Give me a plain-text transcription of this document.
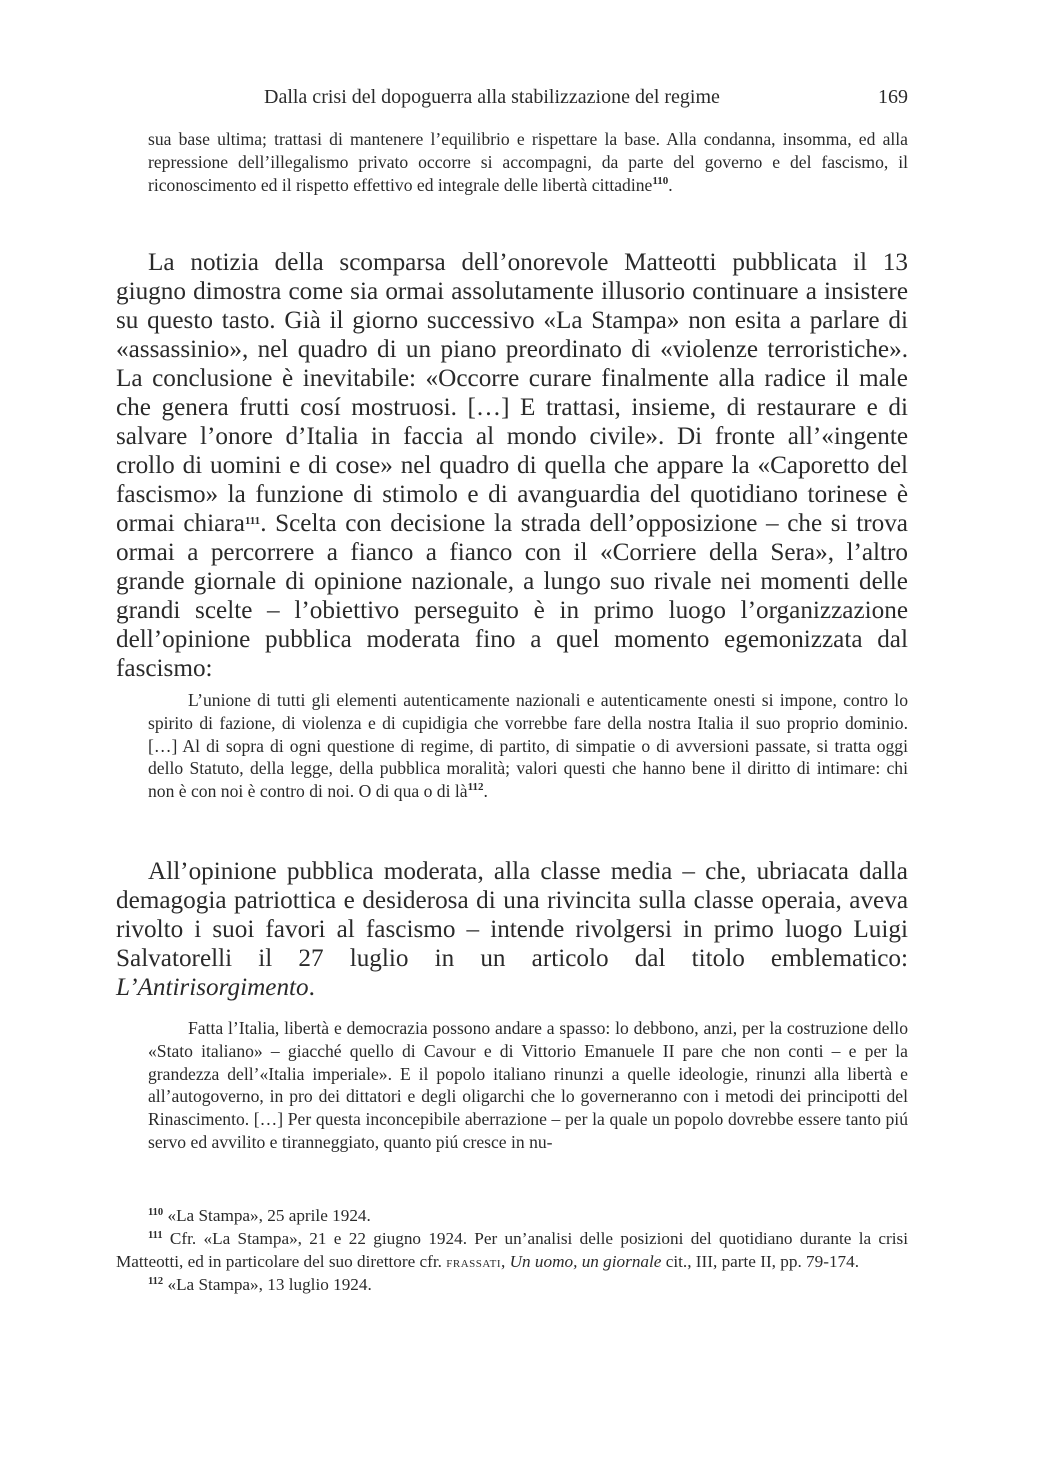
Dalla crisi del dopoguerra alla stabilizzazione del regime	169

sua base ultima; trattasi di mantenere l’equilibrio e rispettare la base. Alla condanna, insomma, ed alla repressione dell’illegalismo privato occorre si accompagni, da parte del governo e del fascismo, il riconoscimento ed il rispetto effettivo ed integrale delle libertà cittadine$^{110}$.

La notizia della scomparsa dell’onorevole Matteotti pubblicata il 13 giugno dimostra come sia ormai assolutamente illusorio continuare a insistere su questo tasto. Già il giorno successivo «La Stampa» non esita a parlare di «assassinio», nel quadro di un piano preordinato di «violenze terroristiche». La conclusione è inevitabile: «Occorre curare finalmente alla radice il male che genera frutti cosí mostruosi. […] E trattasi, insieme, di restaurare e di salvare l’onore d’Italia in faccia al mondo civile». Di fronte all’«ingente crollo di uomini e di cose» nel quadro di quella che appare la «Caporetto del fascismo» la funzione di stimolo e di avanguardia del quotidiano torinese è ormai chiara$^{111}$. Scelta con decisione la strada dell’opposizione – che si trova ormai a percorrere a fianco a fianco con il «Corriere della Sera», l’altro grande giornale di opinione nazionale, a lungo suo rivale nei momenti delle grandi scelte – l’obiettivo perseguito è in primo luogo l’organizzazione dell’opinione pubblica moderata fino a quel momento egemonizzata dal fascismo:

L’unione di tutti gli elementi autenticamente nazionali e autenticamente onesti si impone, contro lo spirito di fazione, di violenza e di cupidigia che vorrebbe fare della nostra Italia il suo proprio dominio. […] Al di sopra di ogni questione di regime, di partito, di simpatie o di avversioni passate, si tratta oggi dello Statuto, della legge, della pubblica moralità; valori questi che hanno bene il diritto di intimare: chi non è con noi è contro di noi. O di qua o di là$^{112}$.

All’opinione pubblica moderata, alla classe media – che, ubriacata dalla demagogia patriottica e desiderosa di una rivincita sulla classe operaia, aveva rivolto i suoi favori al fascismo – intende rivolgersi in primo luogo Luigi Salvatorelli il 27 luglio in un articolo dal titolo emblematico: L’Antirisorgimento.

Fatta l’Italia, libertà e democrazia possono andare a spasso: lo debbono, anzi, per la costruzione dello «Stato italiano» – giacché quello di Cavour e di Vittorio Emanuele II pare che non conti – e per la grandezza dell’«Italia imperiale». E il popolo italiano rinunzi a quelle ideologie, rinunzi alla libertà e all’autogoverno, in pro dei dittatori e degli oligarchi che lo governeranno con i metodi dei principotti del Rinascimento. […] Per questa inconcepibile aberrazione – per la quale un popolo dovrebbe essere tanto piú servo ed avvilito e tiranneggiato, quanto piú cresce in nu-

$^{110}$ «La Stampa», 25 aprile 1924.

$^{111}$ Cfr. «La Stampa», 21 e 22 giugno 1924. Per un’analisi delle posizioni del quotidiano durante la crisi Matteotti, ed in particolare del suo direttore cfr. frassati, Un uomo, un giornale cit., III, parte II, pp. 79-174.

$^{112}$ «La Stampa», 13 luglio 1924.
